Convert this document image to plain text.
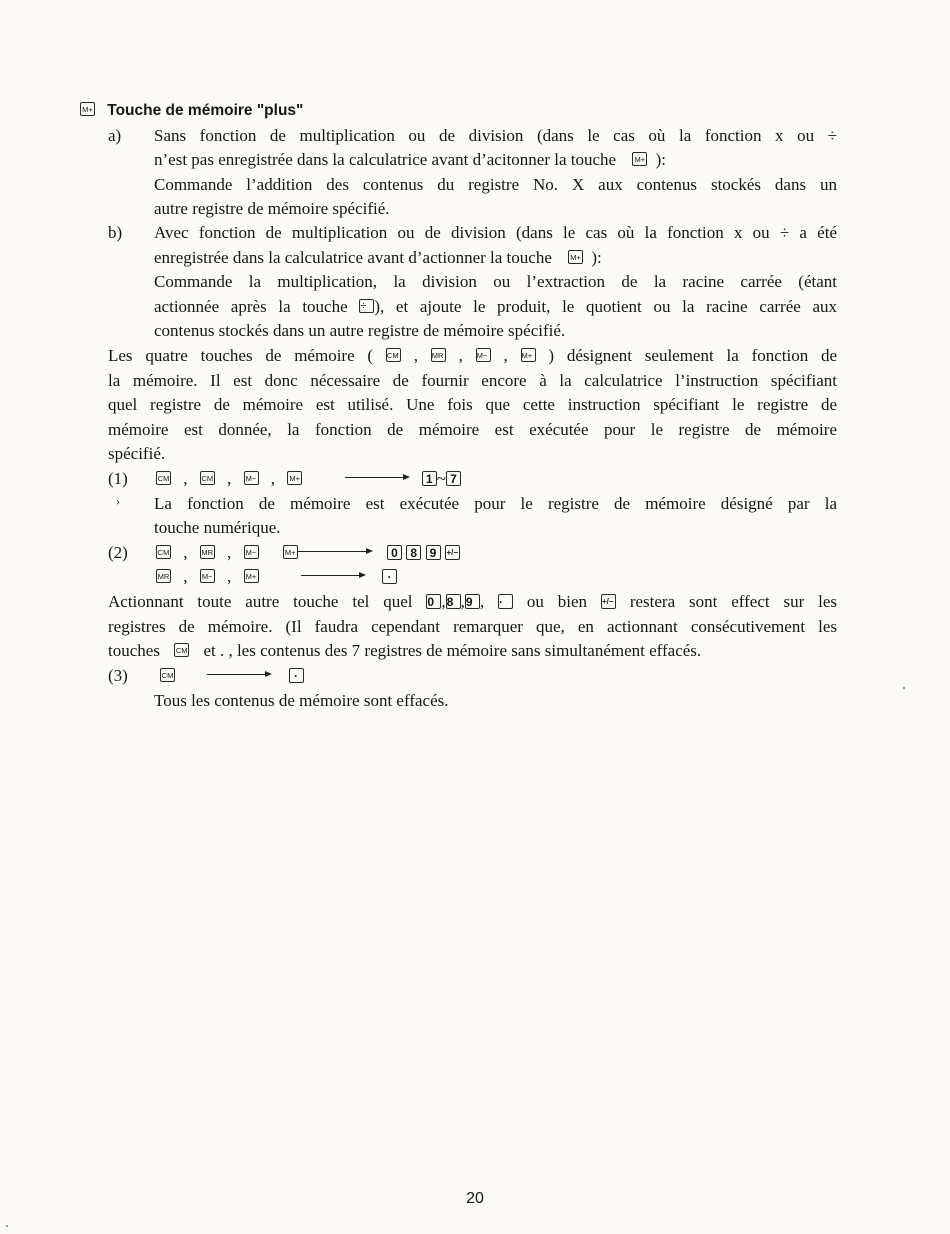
M+ Touche de mémoire "plus"
a) Sans fonction de multiplication ou de division (dans le cas où la fonction x ou ÷
n’est pas enregistrée dans la calculatrice avant d’acitonner la touche M+ ):
Commande l’addition des contenus du registre No. X aux contenus stockés dans un
autre registre de mémoire spécifié.
b) Avec fonction de multiplication ou de division (dans le cas où la fonction x ou ÷ a été
enregistrée dans la calculatrice avant d’actionner la touche M+ ):
Commande la multiplication, la division ou l’extraction de la racine carrée (étant
actionnée après la touche ÷ ), et ajoute le produit, le quotient ou la racine carrée aux
contenus stockés dans un autre registre de mémoire spécifié.
Les quatre touches de mémoire ( CM , MR , M− , M+ ) désignent seulement la fonction de
la mémoire. Il est donc nécessaire de fournir encore à la calculatrice l’instruction spécifiant
quel registre de mémoire est utilisé. Une fois que cette instruction spécifiant le registre de
mémoire est donnée, la fonction de mémoire est exécutée pour le registre de mémoire
spécifié.
(1)	CM , CM , M− , M+	1 ~ 7
› La fonction de mémoire est exécutée pour le registre de mémoire désigné par la
touche numérique.
(2)	CM , MR , M−	M+	0 8 9 +/−
MR , M− , M+	·
Actionnant toute autre touche tel quel 0 ,8 ,9 , · ou bien +/− restera sont effect sur les
registres de mémoire. (Il faudra cependant remarquer que, en actionnant consécutivement les
touches CM et . , les contenus des 7 registres de mémoire sans simultanément effacés.
(3)	CM	·
Tous les contenus de mémoire sont effacés.
20
